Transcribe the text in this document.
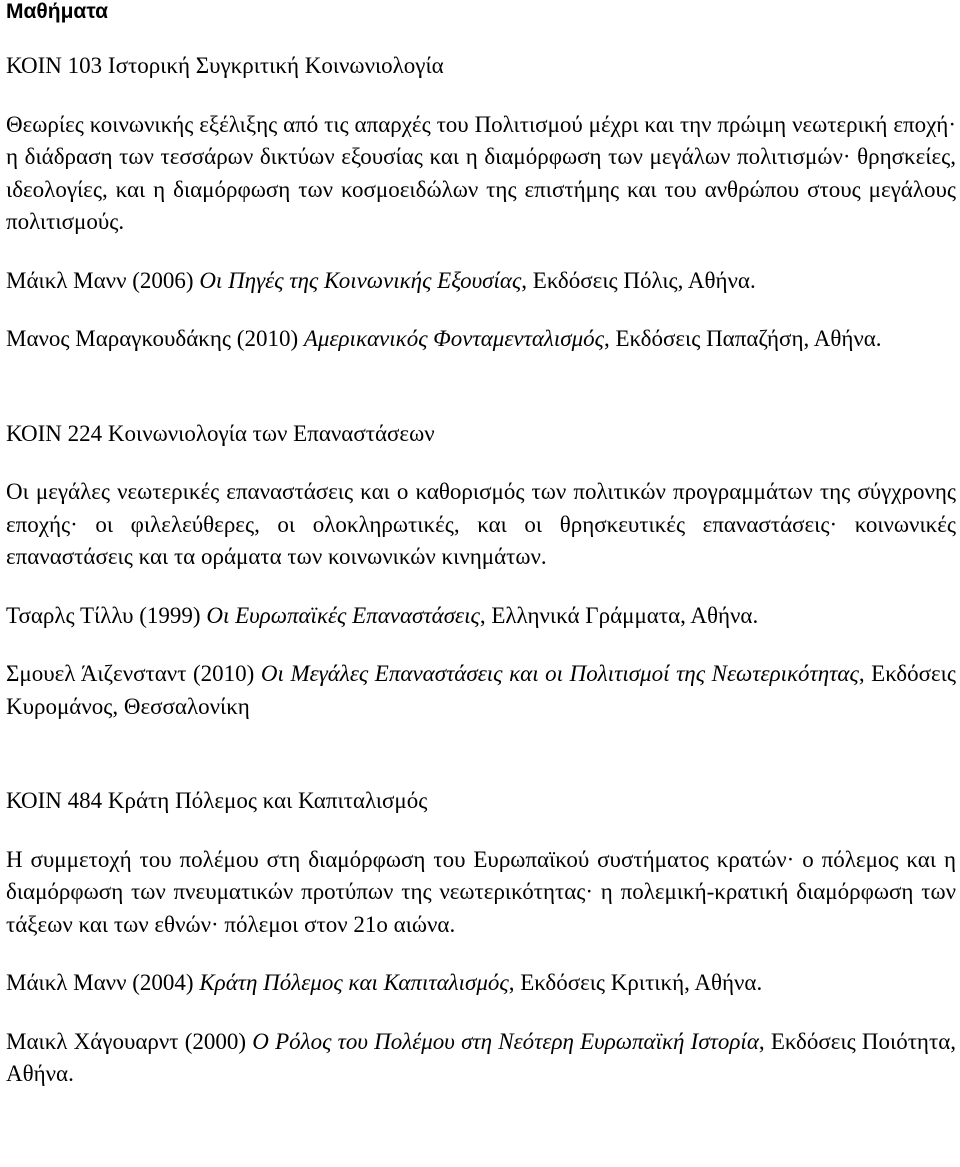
Μαθήματα

ΚΟΙΝ 103 Ιστορική Συγκριτική Κοινωνιολογία

Θεωρίες κοινωνικής εξέλιξης από τις απαρχές του Πολιτισμού μέχρι και την πρώιμη νεωτερική εποχή· η διάδραση των τεσσάρων δικτύων εξουσίας και η διαμόρφωση των μεγάλων πολιτισμών· θρησκείες, ιδεολογίες, και η διαμόρφωση των κοσμοειδώλων της επιστήμης και του ανθρώπου στους μεγάλους πολιτισμούς.

Μάικλ Μανν (2006) Οι Πηγές της Κοινωνικής Εξουσίας, Εκδόσεις Πόλις, Αθήνα.

Μανος Μαραγκουδάκης (2010) Αμερικανικός Φονταμενταλισμός, Εκδόσεις Παπαζήση, Αθήνα.

ΚΟΙΝ 224 Κοινωνιολογία των Επαναστάσεων

Οι μεγάλες νεωτερικές επαναστάσεις και ο καθορισμός των πολιτικών προγραμμάτων της σύγχρονης εποχής· οι φιλελεύθερες, οι ολοκληρωτικές, και οι θρησκευτικές επαναστάσεις· κοινωνικές επαναστάσεις και τα οράματα των κοινωνικών κινημάτων.

Τσαρλς Τίλλυ (1999) Οι Ευρωπαϊκές Επαναστάσεις, Ελληνικά Γράμματα, Αθήνα.

Σμουελ Άιζενσταντ (2010) Οι Μεγάλες Επαναστάσεις και οι Πολιτισμοί της Νεωτερικότητας, Εκδόσεις Κυρομάνος, Θεσσαλονίκη

ΚΟΙΝ 484 Κράτη Πόλεμος και Καπιταλισμός

Η συμμετοχή του πολέμου στη διαμόρφωση του Ευρωπαϊκού συστήματος κρατών· ο πόλεμος και η διαμόρφωση των πνευματικών προτύπων της νεωτερικότητας· η πολεμική-κρατική διαμόρφωση των τάξεων και των εθνών· πόλεμοι στον 21ο αιώνα.

Μάικλ Μανν (2004) Κράτη Πόλεμος και Καπιταλισμός, Εκδόσεις Κριτική, Αθήνα.

Μαικλ Χάγουαρντ (2000) Ο Ρόλος του Πολέμου στη Νεότερη Ευρωπαϊκή Ιστορία, Εκδόσεις Ποιότητα, Αθήνα.
